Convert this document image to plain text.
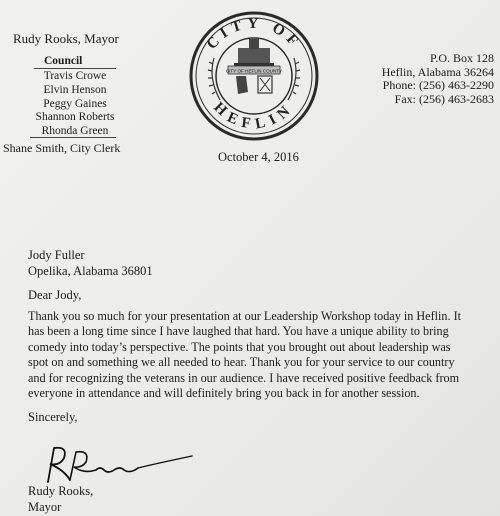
Rudy Rooks, Mayor
Council
Travis Crowe
Elvin Henson
Peggy Gaines
Shannon Roberts
Rhonda Green
Shane Smith, City Clerk
CITY OF
HEFLIN
CITY OF HEFLIN COUNTY
P.O. Box 128
Heflin, Alabama 36264
Phone: (256) 463-2290
Fax: (256) 463-2683
October 4, 2016
Jody Fuller
Opelika, Alabama 36801
Dear Jody,
Thank you so much for your presentation at our Leadership Workshop today in Heflin. It
has been a long time since I have laughed that hard. You have a unique ability to bring
comedy into today’s perspective. The points that you brought out about leadership was
spot on and something we all needed to hear. Thank you for your service to our country
and for recognizing the veterans in our audience. I have received positive feedback from
everyone in attendance and will definitely bring you back in for another session.
Sincerely,
Rudy Rooks,
Mayor
